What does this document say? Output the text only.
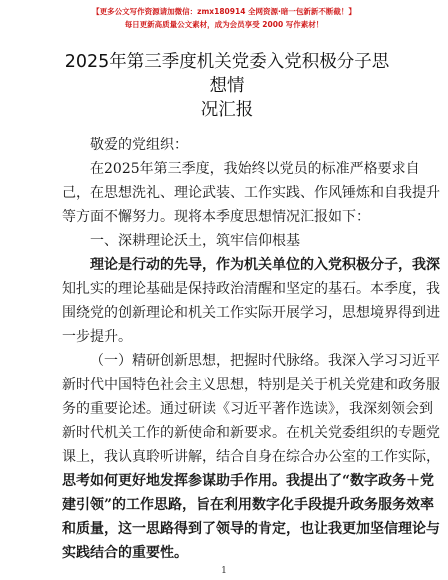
【更多公文写作资源请加微信：zmx180914 全网资源·暗一包新新不断截！】
每日更新高质量公文素材，成为会员享受 2000 写作素材！
2025年第三季度机关党委入党积极分子思想情
况汇报
敬爱的党组织：
在2025年第三季度，我始终以党员的标准严格要求自
己，在思想洗礼、理论武装、工作实践、作风锤炼和自我提升
等方面不懈努力。现将本季度思想情况汇报如下：
一、深耕理论沃土，筑牢信仰根基
理论是行动的先导，作为机关单位的入党积极分子，我深
知扎实的理论基础是保持政治清醒和坚定的基石。本季度，我
围绕党的创新理论和机关工作实际开展学习，思想境界得到进
一步提升。
（一）精研创新思想，把握时代脉络。我深入学习习近平
新时代中国特色社会主义思想，特别是关于机关党建和政务服
务的重要论述。通过研读《习近平著作选读》，我深刻领会到
新时代机关工作的新使命和新要求。在机关党委组织的专题党
课上，我认真聆听讲解，结合自身在综合办公室的工作实际，
思考如何更好地发挥参谋助手作用。我提出了“数字政务＋党
建引领”的工作思路，旨在利用数字化手段提升政务服务效率
和质量，这一思路得到了领导的肯定，也让我更加坚信理论与
实践结合的重要性。
1
